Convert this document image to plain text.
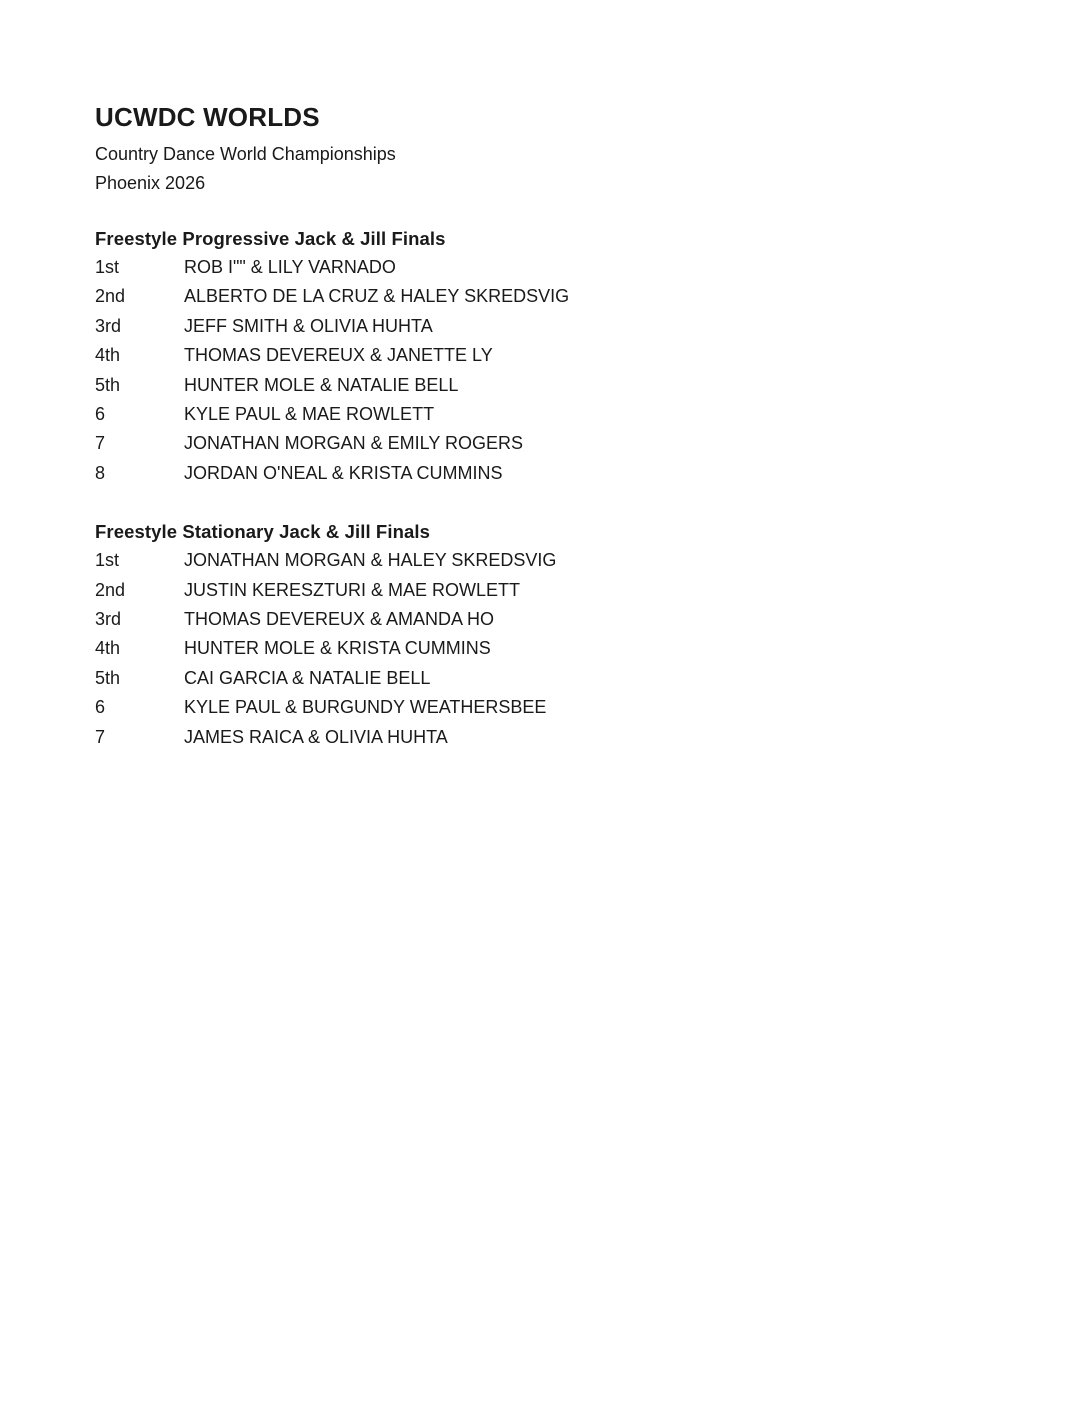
UCWDC WORLDS

Country Dance World Championships

Phoenix 2026

Freestyle Progressive Jack & Jill Finals
1st	ROB I"" & LILY VARNADO
2nd	ALBERTO DE LA CRUZ & HALEY SKREDSVIG
3rd	JEFF SMITH & OLIVIA HUHTA
4th	THOMAS DEVEREUX & JANETTE LY
5th	HUNTER MOLE & NATALIE BELL
6	KYLE PAUL & MAE ROWLETT
7	JONATHAN MORGAN & EMILY ROGERS
8	JORDAN O'NEAL & KRISTA CUMMINS
Freestyle Stationary Jack & Jill Finals
1st	JONATHAN MORGAN & HALEY SKREDSVIG
2nd	JUSTIN KERESZTURI & MAE ROWLETT
3rd	THOMAS DEVEREUX & AMANDA HO
4th	HUNTER MOLE & KRISTA CUMMINS
5th	CAI GARCIA & NATALIE BELL
6	KYLE PAUL & BURGUNDY WEATHERSBEE
7	JAMES RAICA & OLIVIA HUHTA
